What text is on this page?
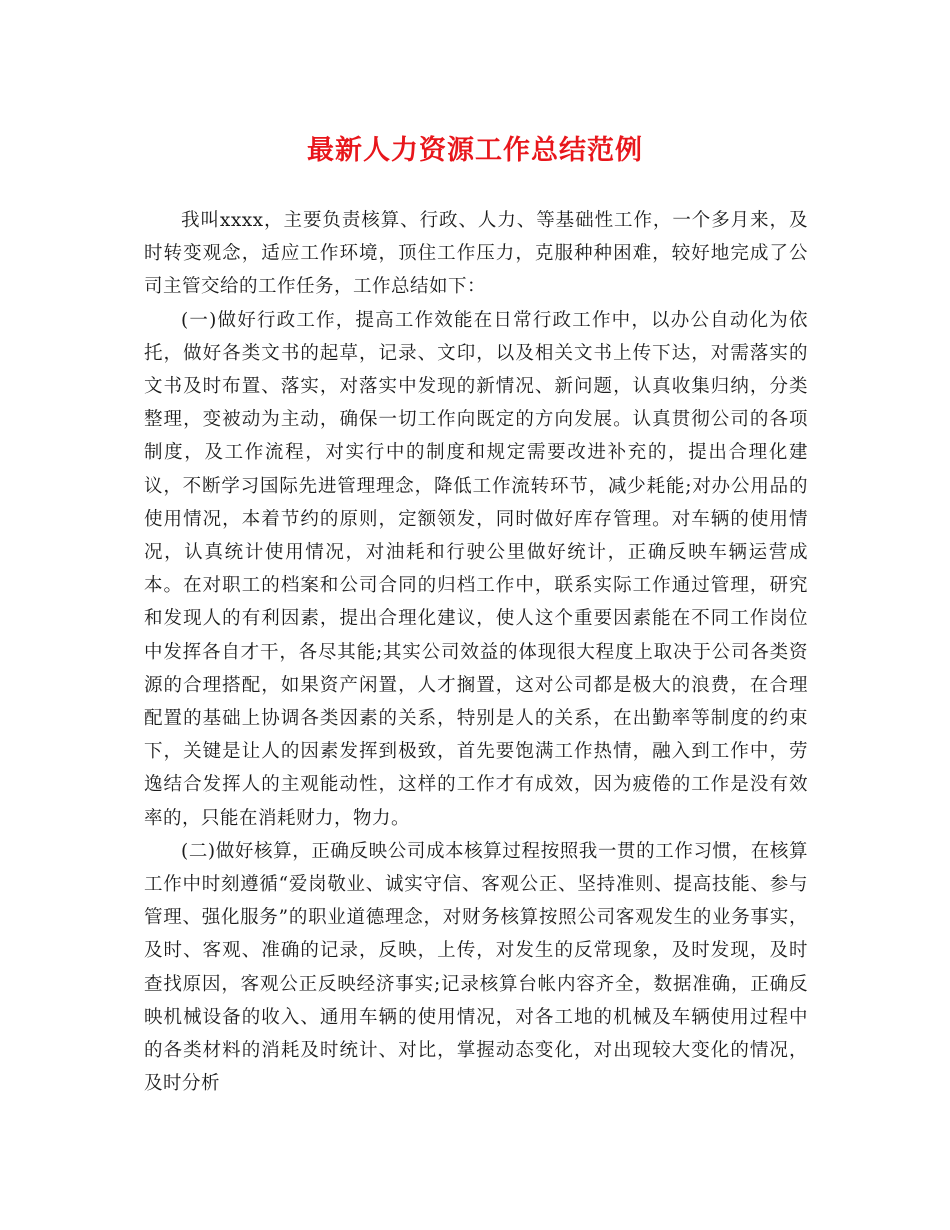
最新人力资源工作总结范例

我叫xxxx，主要负责核算、行政、人力、等基础性工作，一个多月来，及时转变观念，适应工作环境，顶住工作压力，克服种种困难，较好地完成了公司主管交给的工作任务，工作总结如下：

(一)做好行政工作，提高工作效能在日常行政工作中，以办公自动化为依托，做好各类文书的起草，记录、文印，以及相关文书上传下达，对需落实的文书及时布置、落实，对落实中发现的新情况、新问题，认真收集归纳，分类整理，变被动为主动，确保一切工作向既定的方向发展。认真贯彻公司的各项制度，及工作流程，对实行中的制度和规定需要改进补充的，提出合理化建议，不断学习国际先进管理理念，降低工作流转环节，减少耗能;对办公用品的使用情况，本着节约的原则，定额领发，同时做好库存管理。对车辆的使用情况，认真统计使用情况，对油耗和行驶公里做好统计，正确反映车辆运营成本。在对职工的档案和公司合同的归档工作中，联系实际工作通过管理，研究和发现人的有利因素，提出合理化建议，使人这个重要因素能在不同工作岗位中发挥各自才干，各尽其能;其实公司效益的体现很大程度上取决于公司各类资源的合理搭配，如果资产闲置，人才搁置，这对公司都是极大的浪费，在合理配置的基础上协调各类因素的关系，特别是人的关系，在出勤率等制度的约束下，关键是让人的因素发挥到极致，首先要饱满工作热情，融入到工作中，劳逸结合发挥人的主观能动性，这样的工作才有成效，因为疲倦的工作是没有效率的，只能在消耗财力，物力。

(二)做好核算，正确反映公司成本核算过程按照我一贯的工作习惯，在核算工作中时刻遵循“爱岗敬业、诚实守信、客观公正、坚持准则、提高技能、参与管理、强化服务”的职业道德理念，对财务核算按照公司客观发生的业务事实，及时、客观、准确的记录，反映，上传，对发生的反常现象，及时发现，及时查找原因，客观公正反映经济事实;记录核算台帐内容齐全，数据准确，正确反映机械设备的收入、通用车辆的使用情况，对各工地的机械及车辆使用过程中的各类材料的消耗及时统计、对比，掌握动态变化，对出现较大变化的情况，及时分析
